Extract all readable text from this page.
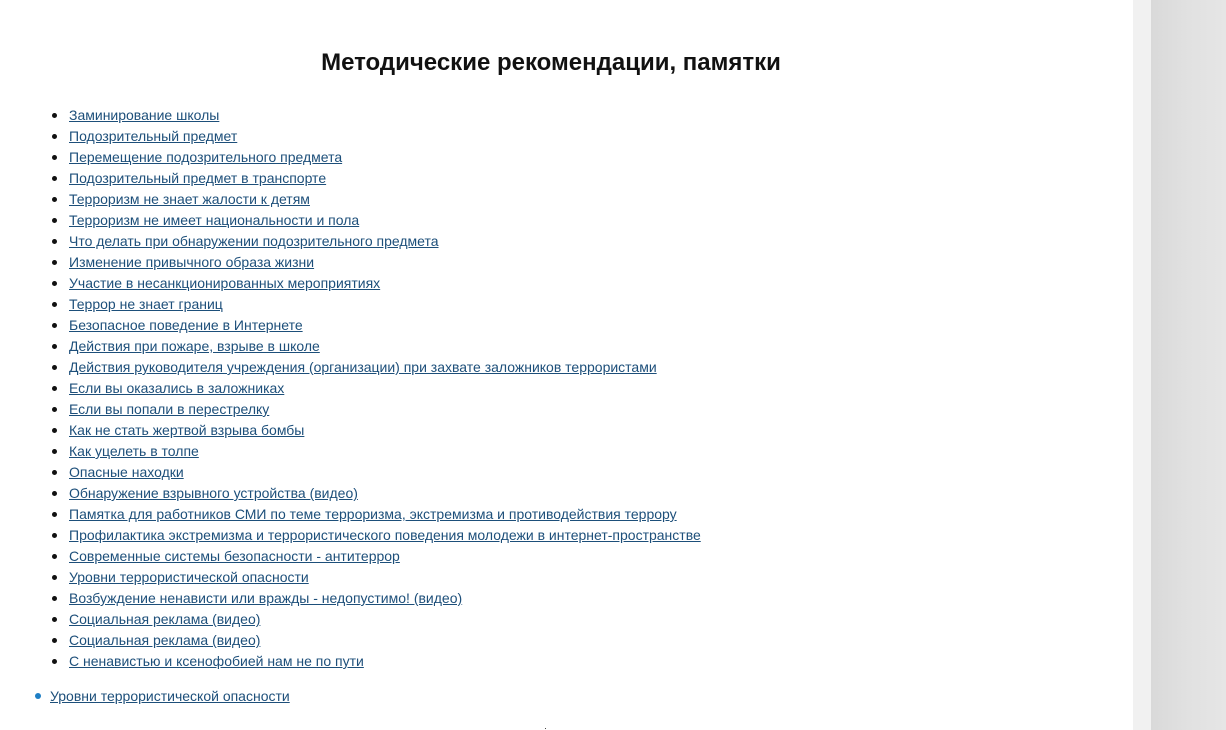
Методические рекомендации, памятки
Заминирование школы
Подозрительный предмет
Перемещение подозрительного предмета
Подозрительный предмет в транспорте
Терроризм не знает жалости к детям
Терроризм не имеет национальности и пола
Что делать при обнаружении подозрительного предмета
Изменение привычного образа жизни
Участие в несанкционированных мероприятиях
Террор не знает границ
Безопасное поведение в Интернете
Действия при пожаре, взрыве в школе
Действия руководителя учреждения (организации) при захвате заложников террористами
Если вы оказались в заложниках
Если вы попали в перестрелку
Как не стать жертвой взрыва бомбы
Как уцелеть в толпе
Опасные находки
Обнаружение взрывного устройства (видео)
Памятка для работников СМИ по теме терроризма, экстремизма и противодействия террору
Профилактика экстремизма и террористического поведения молодежи в интернет-пространстве
Современные системы безопасности - антитеррор
Уровни террористической опасности
Возбуждение ненависти или вражды - недопустимо! (видео)
Социальная реклама (видео)
Социальная реклама (видео)
С ненавистью и ксенофобией нам не по пути
Уровни террористической опасности
